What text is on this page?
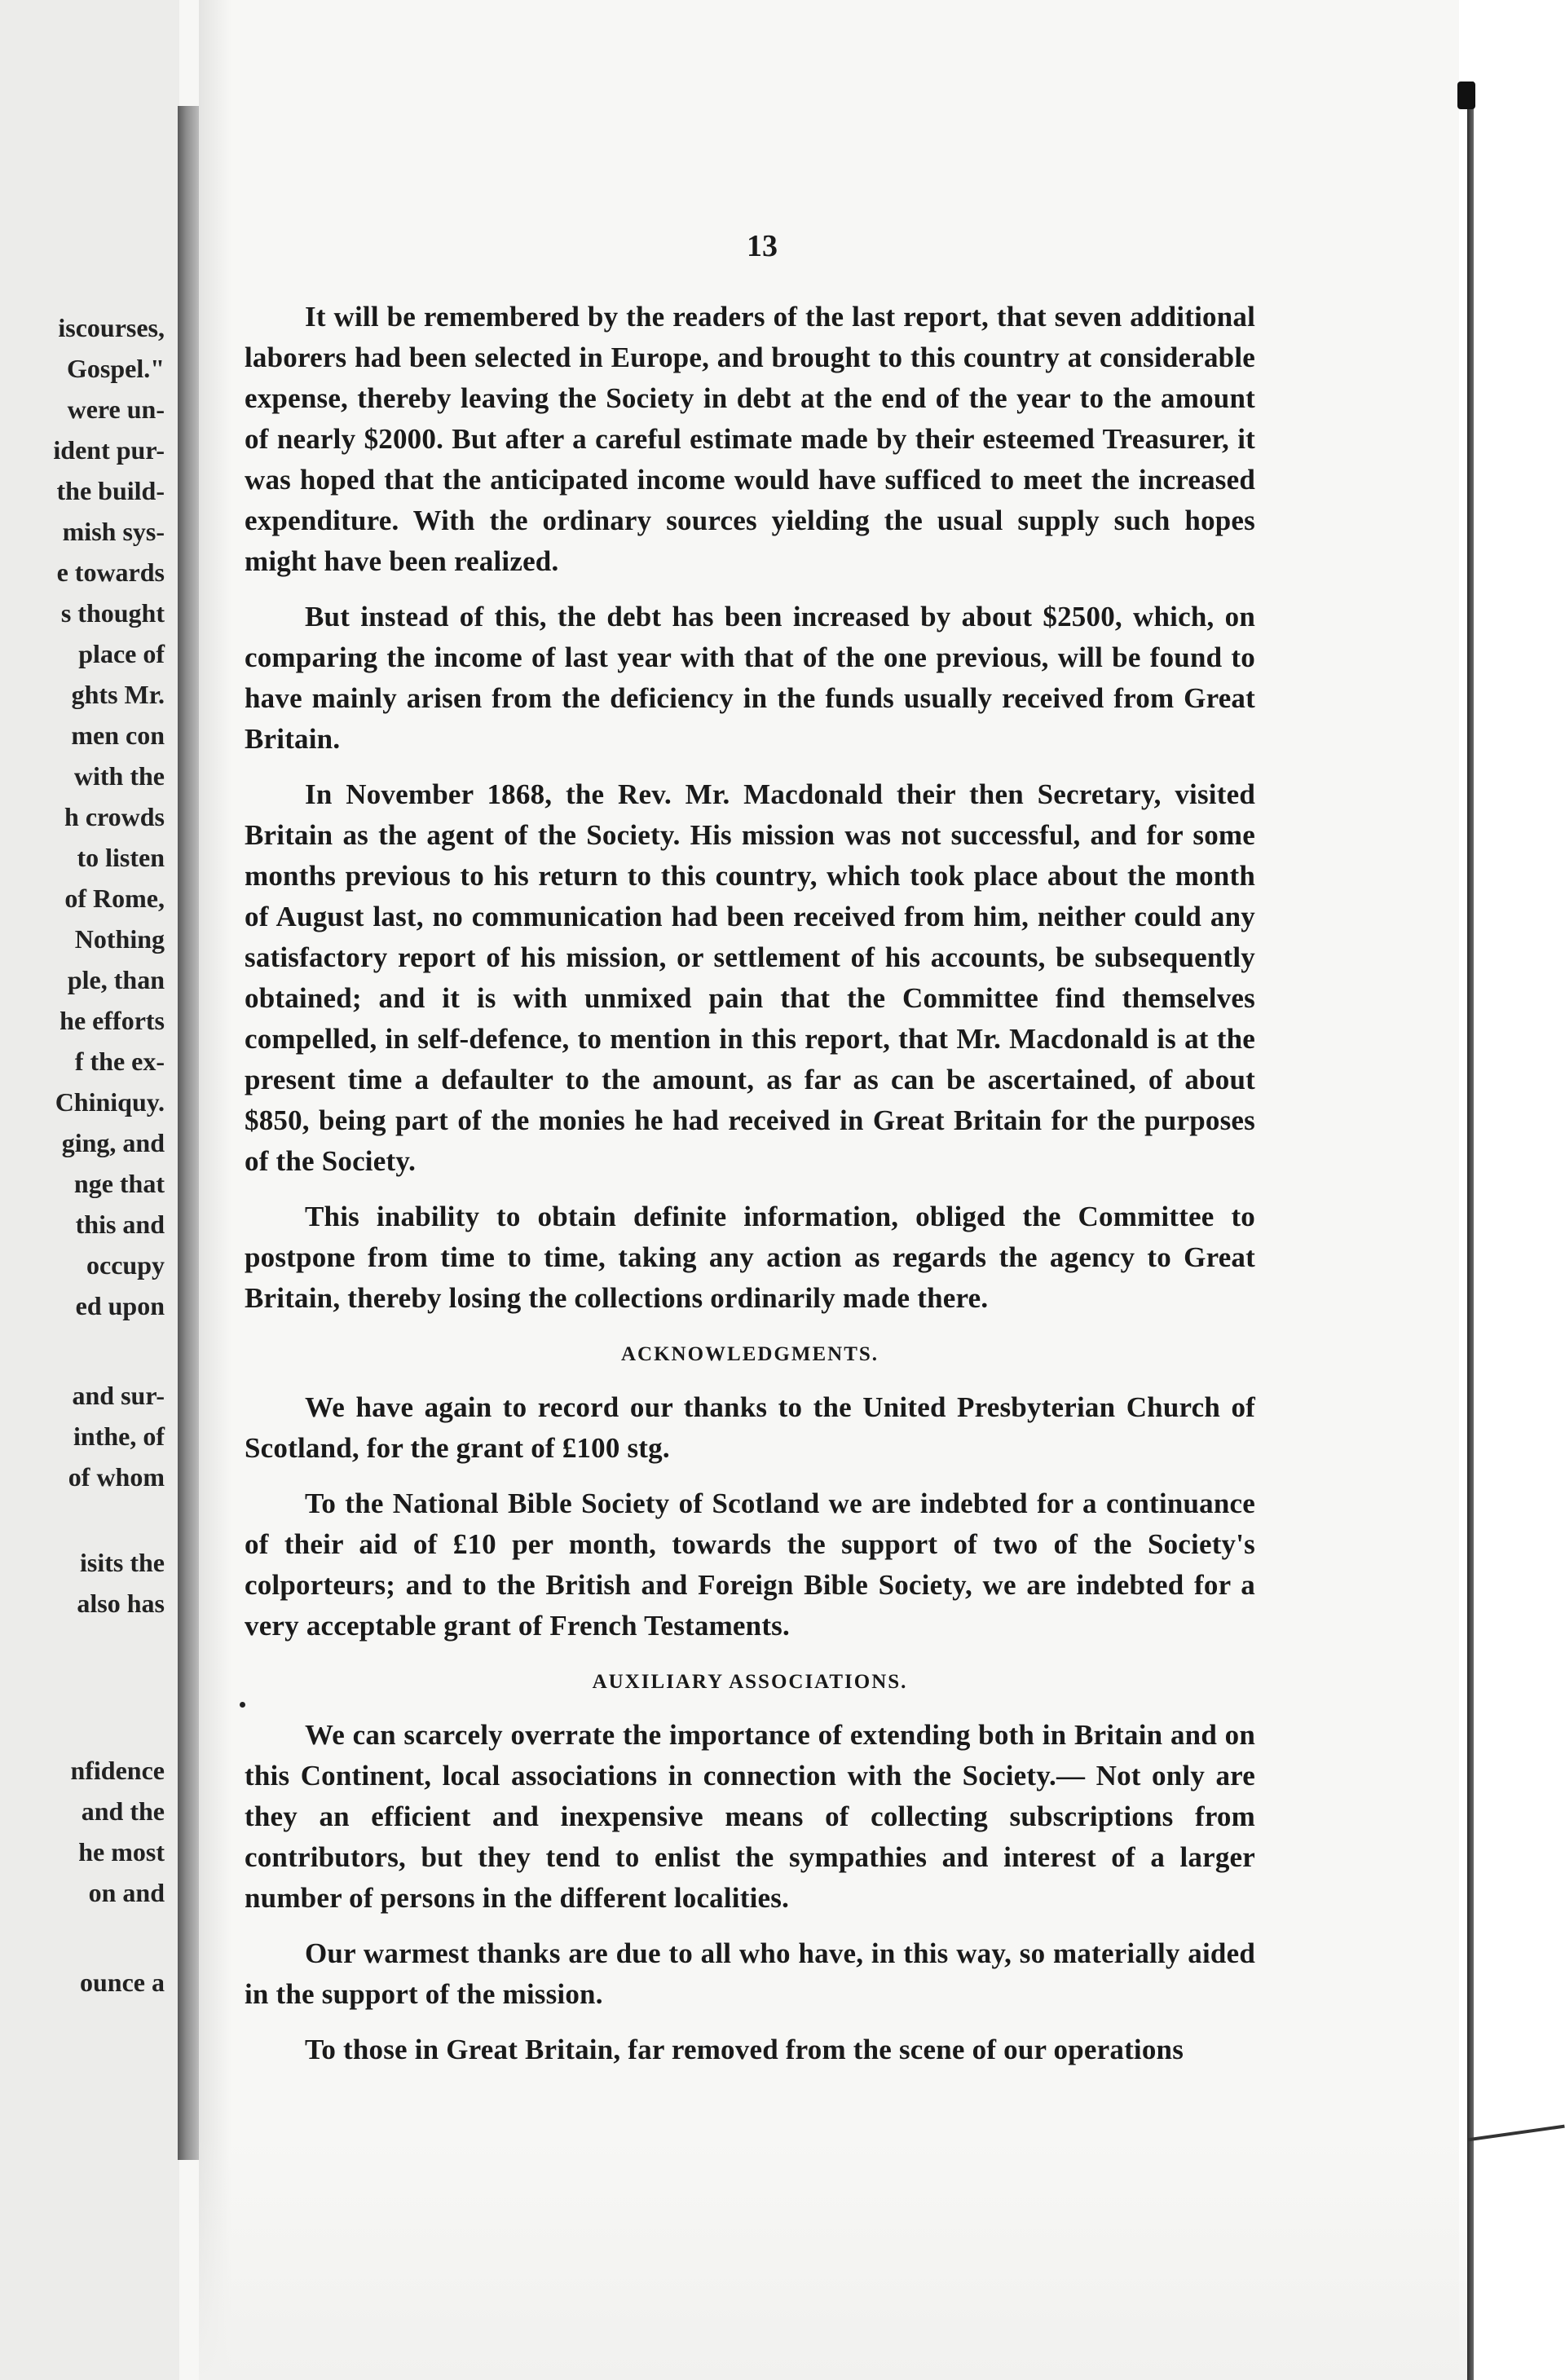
iscourses,
Gospel."
were un-
ident pur-
the build-
mish sys-
e towards
s thought
place of
ghts Mr.
men con
with the
h crowds
to listen
of Rome,
Nothing
ple, than
he efforts
f the ex-
Chiniquy.
ging, and
nge that
this and
occupy
ed upon
and sur-
inthe, of
of whom
isits the
also has
nfidence
and the
he most
on and
ounce a
13

It will be remembered by the readers of the last report, that seven additional laborers had been selected in Europe, and brought to this country at considerable expense, thereby leaving the Society in debt at the end of the year to the amount of nearly $2000. But after a careful estimate made by their esteemed Treasurer, it was hoped that the anticipated income would have sufficed to meet the increased expenditure. With the ordinary sources yielding the usual supply such hopes might have been realized.

But instead of this, the debt has been increased by about $2500, which, on comparing the income of last year with that of the one previous, will be found to have mainly arisen from the deficiency in the funds usually received from Great Britain.

In November 1868, the Rev. Mr. Macdonald their then Secretary, visited Britain as the agent of the Society. His mission was not successful, and for some months previous to his return to this country, which took place about the month of August last, no communication had been received from him, neither could any satisfactory report of his mission, or settlement of his accounts, be subsequently obtained; and it is with unmixed pain that the Committee find themselves compelled, in self-defence, to mention in this report, that Mr. Macdonald is at the present time a defaulter to the amount, as far as can be ascertained, of about $850, being part of the monies he had received in Great Britain for the purposes of the Society.

This inability to obtain definite information, obliged the Committee to postpone from time to time, taking any action as regards the agency to Great Britain, thereby losing the collections ordinarily made there.

ACKNOWLEDGMENTS.

We have again to record our thanks to the United Presbyterian Church of Scotland, for the grant of £100 stg.

To the National Bible Society of Scotland we are indebted for a continuance of their aid of £10 per month, towards the support of two of the Society's colporteurs; and to the British and Foreign Bible Society, we are indebted for a very acceptable grant of French Testaments.

AUXILIARY ASSOCIATIONS.

We can scarcely overrate the importance of extending both in Britain and on this Continent, local associations in connection with the Society.— Not only are they an efficient and inexpensive means of collecting subscriptions from contributors, but they tend to enlist the sympathies and interest of a larger number of persons in the different localities.

Our warmest thanks are due to all who have, in this way, so materially aided in the support of the mission.

To those in Great Britain, far removed from the scene of our operations
